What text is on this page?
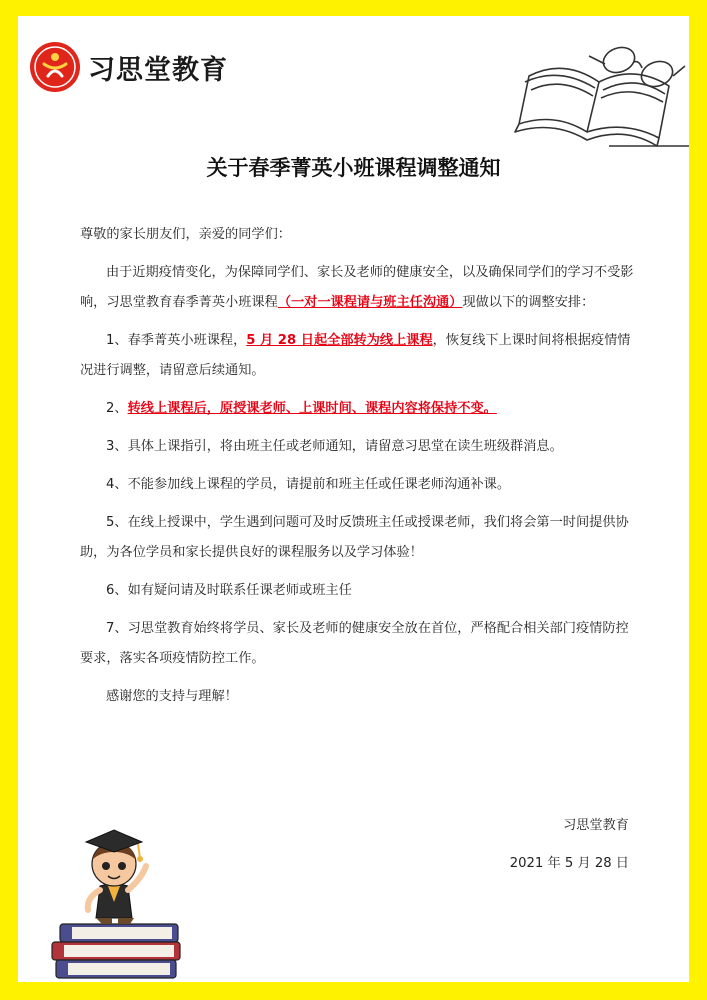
习思堂教育
关于春季菁英小班课程调整通知

尊敬的家长朋友们，亲爱的同学们：

由于近期疫情变化，为保障同学们、家长及老师的健康安全，以及确保同学们的学习不受影响，习思堂教育春季菁英小班课程（一对一课程请与班主任沟通）现做以下的调整安排：

1、春季菁英小班课程，5 月 28 日起全部转为线上课程，恢复线下上课时间将根据疫情情况进行调整，请留意后续通知。

2、转线上课程后，原授课老师、上课时间、课程内容将保持不变。

3、具体上课指引，将由班主任或老师通知，请留意习思堂在读生班级群消息。

4、不能参加线上课程的学员，请提前和班主任或任课老师沟通补课。

5、在线上授课中，学生遇到问题可及时反馈班主任或授课老师，我们将会第一时间提供协助，为各位学员和家长提供良好的课程服务以及学习体验！

6、如有疑问请及时联系任课老师或班主任

7、习思堂教育始终将学员、家长及老师的健康安全放在首位，严格配合相关部门疫情防控要求，落实各项疫情防控工作。

感谢您的支持与理解！

习思堂教育
2021 年 5 月 28 日
